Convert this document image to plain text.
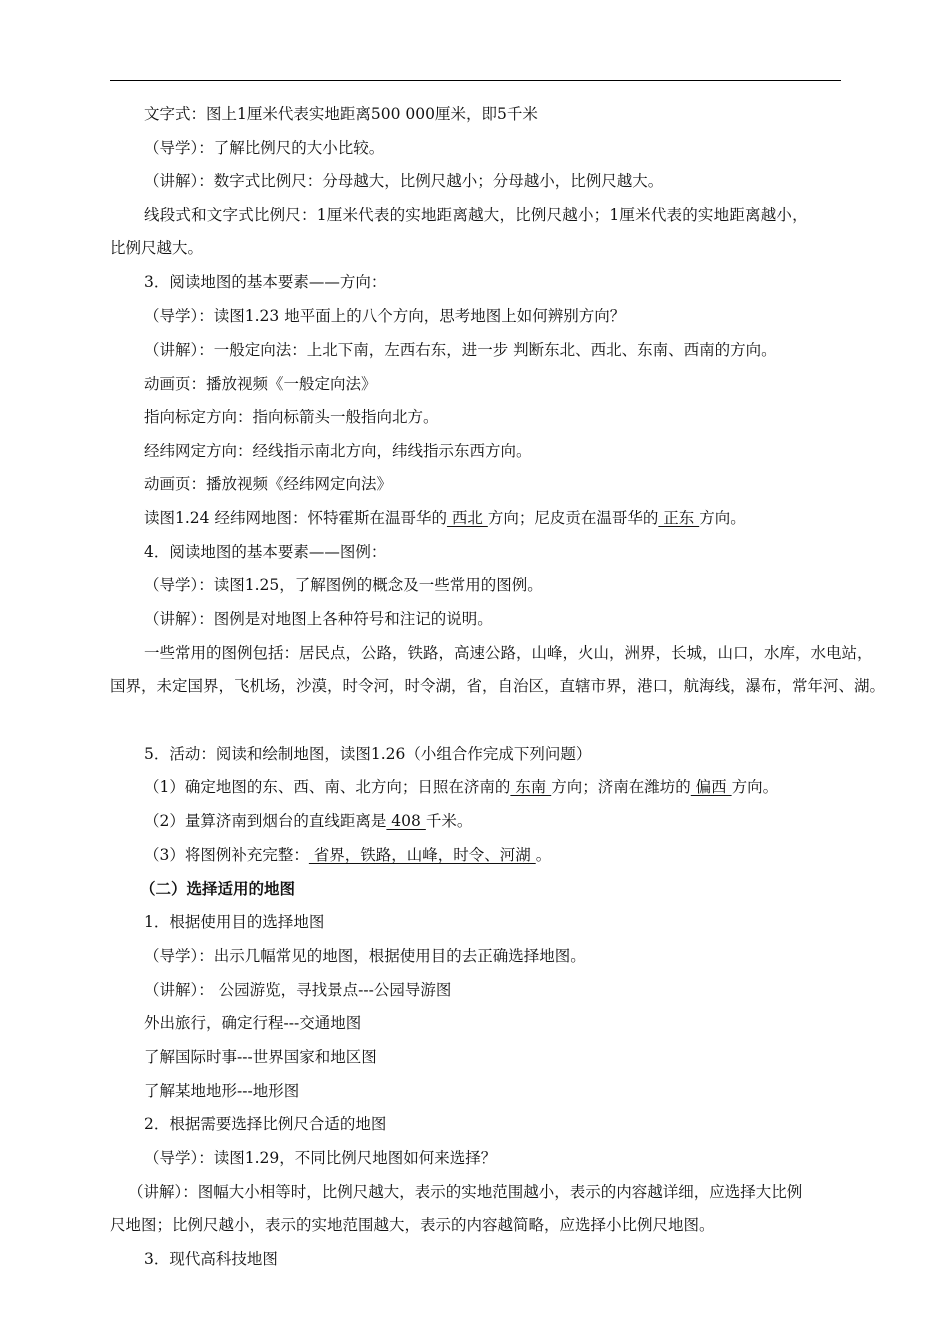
文字式：图上1厘米代表实地距离500 000厘米，即5千米
（导学）：了解比例尺的大小比较。
（讲解）：数字式比例尺：分母越大，比例尺越小；分母越小，比例尺越大。
线段式和文字式比例尺：1厘米代表的实地距离越大，比例尺越小；1厘米代表的实地距离越小，
比例尺越大。
3．阅读地图的基本要素——方向：
（导学）：读图1.23 地平面上的八个方向，思考地图上如何辨别方向？
（讲解）：一般定向法：上北下南，左西右东，进一步 判断东北、西北、东南、西南的方向。
动画页：播放视频《一般定向法》
指向标定方向：指向标箭头一般指向北方。
经纬网定方向：经线指示南北方向，纬线指示东西方向。
动画页：播放视频《经纬网定向法》
读图1.24 经纬网地图：怀特霍斯在温哥华的 西北 方向；尼皮贡在温哥华的 正东 方向。
4．阅读地图的基本要素——图例：
（导学）：读图1.25，了解图例的概念及一些常用的图例。
（讲解）：图例是对地图上各种符号和注记的说明。
一些常用的图例包括：居民点，公路，铁路，高速公路，山峰，火山，洲界，长城，山口，水库，水电站，
国界，未定国界，飞机场，沙漠，时令河，时令湖，省，自治区，直辖市界，港口，航海线，瀑布，常年河、湖。
5．活动：阅读和绘制地图，读图1.26（小组合作完成下列问题）
（1）确定地图的东、西、南、北方向；日照在济南的 东南 方向；济南在潍坊的 偏西 方向。
（2）量算济南到烟台的直线距离是 408 千米。
（3）将图例补充完整： 省界，铁路，山峰，时令、河湖 。
（二）选择适用的地图
1．根据使用目的选择地图
（导学）：出示几幅常见的地图，根据使用目的去正确选择地图。
（讲解）： 公园游览，寻找景点---公园导游图
外出旅行，确定行程---交通地图
了解国际时事---世界国家和地区图
了解某地地形---地形图
2．根据需要选择比例尺合适的地图
（导学）：读图1.29，不同比例尺地图如何来选择？
（讲解）：图幅大小相等时，比例尺越大，表示的实地范围越小，表示的内容越详细，应选择大比例
尺地图；比例尺越小，表示的实地范围越大，表示的内容越简略，应选择小比例尺地图。
3．现代高科技地图
